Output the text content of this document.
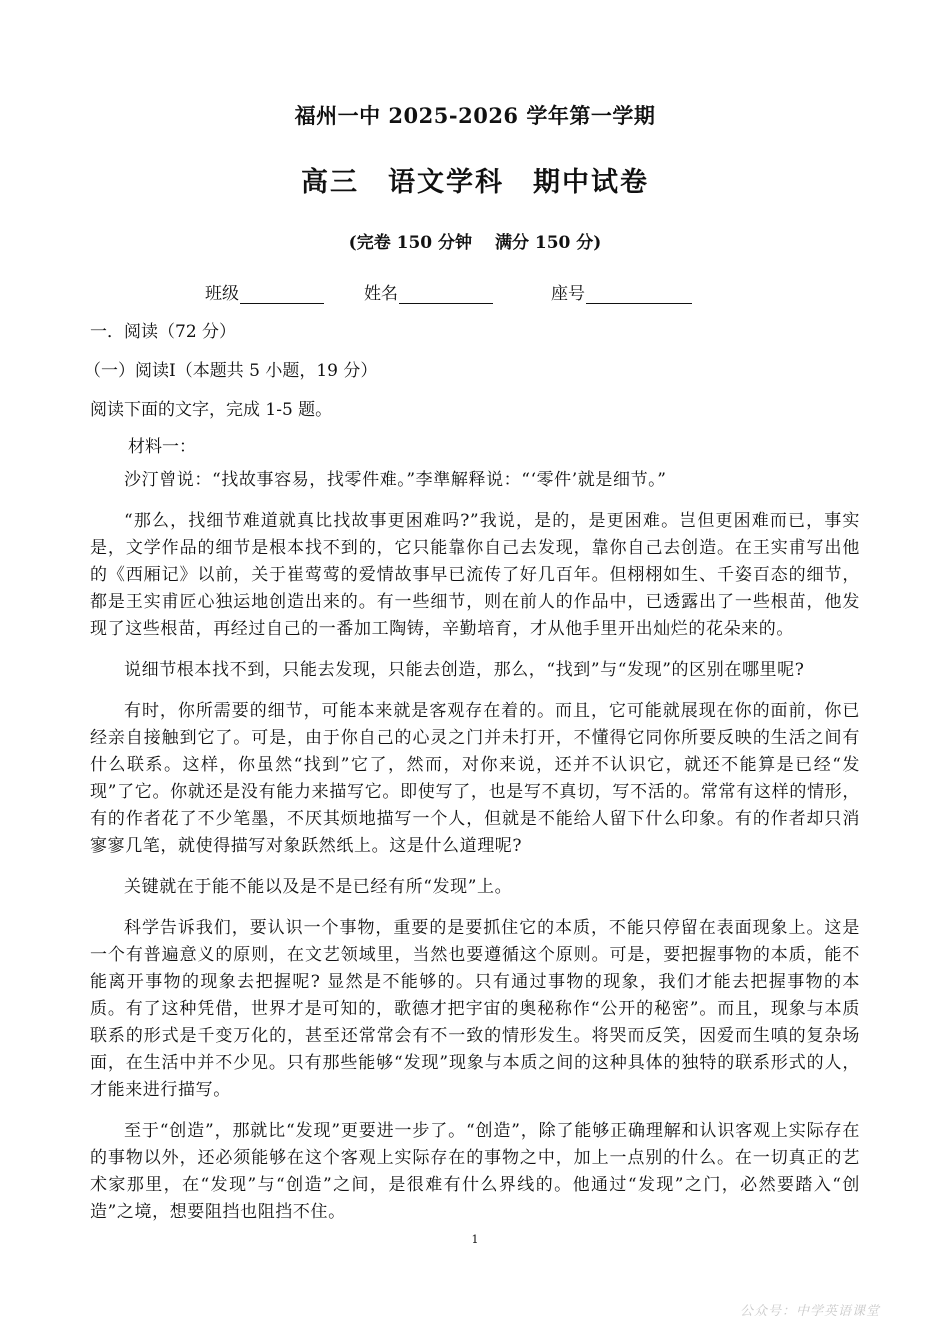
福州一中 2025-2026 学年第一学期
高三　语文学科　期中试卷
(完卷 150 分钟　 满分 150 分)
班级	姓名	座号
一．阅读（72 分）
（一）阅读Ⅰ（本题共 5 小题，19 分）
阅读下面的文字，完成 1-5 题。
材料一：

沙汀曾说：“找故事容易，找零件难。”李準解释说：“‘零件’就是细节。”

“那么，找细节难道就真比找故事更困难吗?”我说，是的，是更困难。岂但更困难而已，事实是，文学作品的细节是根本找不到的，它只能靠你自己去发现，靠你自己去创造。在王实甫写出他的《西厢记》以前，关于崔莺莺的爱情故事早已流传了好几百年。但栩栩如生、千姿百态的细节，都是王实甫匠心独运地创造出来的。有一些细节，则在前人的作品中，已透露出了一些根苗，他发现了这些根苗，再经过自己的一番加工陶铸，辛勤培育，才从他手里开出灿烂的花朵来的。

说细节根本找不到，只能去发现，只能去创造，那么，“找到”与“发现”的区别在哪里呢?

有时，你所需要的细节，可能本来就是客观存在着的。而且，它可能就展现在你的面前，你已经亲自接触到它了。可是，由于你自己的心灵之门并未打开，不懂得它同你所要反映的生活之间有什么联系。这样，你虽然“找到”它了，然而，对你来说，还并不认识它，就还不能算是已经“发现”了它。你就还是没有能力来描写它。即使写了，也是写不真切，写不活的。常常有这样的情形，有的作者花了不少笔墨，不厌其烦地描写一个人，但就是不能给人留下什么印象。有的作者却只消寥寥几笔，就使得描写对象跃然纸上。这是什么道理呢?

关键就在于能不能以及是不是已经有所“发现”上。

科学告诉我们，要认识一个事物，重要的是要抓住它的本质，不能只停留在表面现象上。这是一个有普遍意义的原则，在文艺领域里，当然也要遵循这个原则。可是，要把握事物的本质，能不能离开事物的现象去把握呢? 显然是不能够的。只有通过事物的现象，我们才能去把握事物的本质。有了这种凭借，世界才是可知的，歌德才把宇宙的奥秘称作“公开的秘密”。而且，现象与本质联系的形式是千变万化的，甚至还常常会有不一致的情形发生。将哭而反笑，因爱而生嗔的复杂场面，在生活中并不少见。只有那些能够“发现”现象与本质之间的这种具体的独特的联系形式的人，才能来进行描写。

至于“创造”，那就比“发现”更要进一步了。“创造”，除了能够正确理解和认识客观上实际存在的事物以外，还必须能够在这个客观上实际存在的事物之中，加上一点别的什么。在一切真正的艺术家那里，在“发现”与“创造”之间，是很难有什么界线的。他通过“发现”之门，必然要踏入“创造”之境，想要阻挡也阻挡不住。

1
公众号：中学英语课堂
